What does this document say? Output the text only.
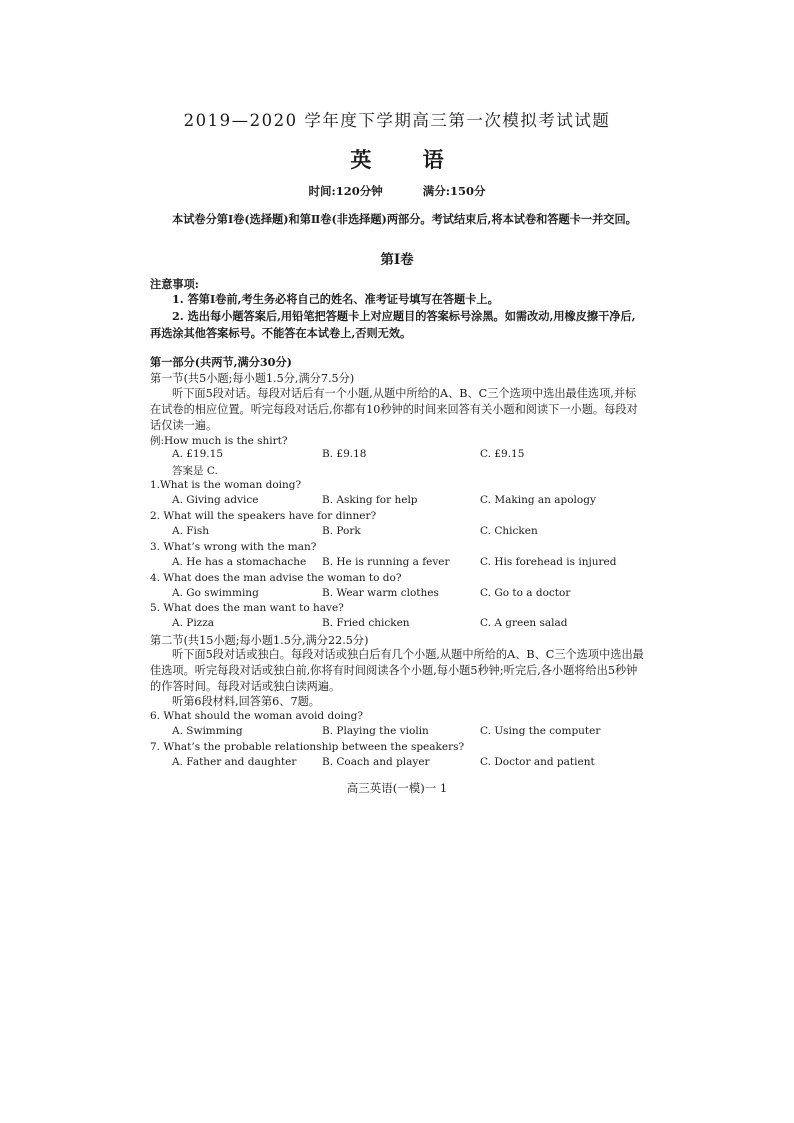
2019—2020 学年度下学期高三第一次模拟考试试题
英 语
时间:120分钟	满分:150分
本试卷分第Ⅰ卷(选择题)和第Ⅱ卷(非选择题)两部分。考试结束后,将本试卷和答题卡一并交回。
第Ⅰ卷
注意事项:
1. 答第Ⅰ卷前,考生务必将自己的姓名、准考证号填写在答题卡上。
2. 选出每小题答案后,用铅笔把答题卡上对应题目的答案标号涂黑。如需改动,用橡皮擦干净后,再选涂其他答案标号。不能答在本试卷上,否则无效。
第一部分(共两节,满分30分)
第一节(共5小题;每小题1.5分,满分7.5分)
听下面5段对话。每段对话后有一个小题,从题中所给的A、B、C三个选项中选出最佳选项,并标在试卷的相应位置。听完每段对话后,你都有10秒钟的时间来回答有关小题和阅读下一小题。每段对话仅读一遍。
例:How much is the shirt?
A. £19.15	B. £9.18	C. £9.15
答案是 C.
1.What is the woman doing?
A. Giving advice	B. Asking for help	C. Making an apology
2. What will the speakers have for dinner?
A. Fish	B. Pork	C. Chicken
3. What’s wrong with the man?
A. He has a stomachache B. He is running a fever	C. His forehead is injured
4. What does the man advise the woman to do?
A. Go swimming	B. Wear warm clothes	C. Go to a doctor
5. What does the man want to have?
A. Pizza	B. Fried chicken	C. A green salad
第二节(共15小题;每小题1.5分,满分22.5分)
听下面5段对话或独白。每段对话或独白后有几个小题,从题中所给的A、B、C三个选项中选出最佳选项。听完每段对话或独白前,你将有时间阅读各个小题,每小题5秒钟;听完后,各小题将给出5秒钟的作答时间。每段对话或独白读两遍。
听第6段材料,回答第6、7题。
6. What should the woman avoid doing?
A. Swimming	B. Playing the violin	C. Using the computer
7. What’s the probable relationship between the speakers?
A. Father and daughter B. Coach and player	C. Doctor and patient
高三英语(一模)一 1
